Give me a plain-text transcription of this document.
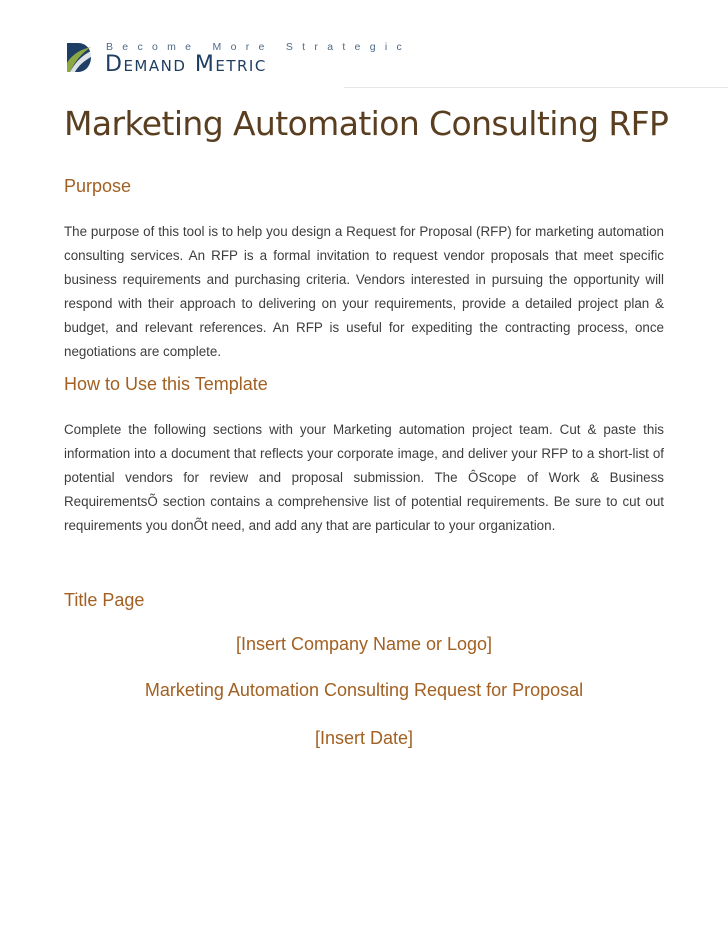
Become More Strategic
Demand Metric
Marketing Automation Consulting RFP
Purpose

The purpose of this tool is to help you design a Request for Proposal (RFP) for marketing automation consulting services. An RFP is a formal invitation to request vendor proposals that meet specific business requirements and purchasing criteria. Vendors interested in pursuing the opportunity will respond with their approach to delivering on your requirements, provide a detailed project plan & budget, and relevant references. An RFP is useful for expediting the contracting process, once negotiations are complete.

How to Use this Template

Complete the following sections with your Marketing automation project team. Cut & paste this information into a document that reflects your corporate image, and deliver your RFP to a short-list of potential vendors for review and proposal submission. The ÔScope of Work & Business RequirementsÕ section contains a comprehensive list of potential requirements. Be sure to cut out requirements you donÕt need, and add any that are particular to your organization.

Title Page

[Insert Company Name or Logo]

Marketing Automation Consulting Request for Proposal

[Insert Date]
